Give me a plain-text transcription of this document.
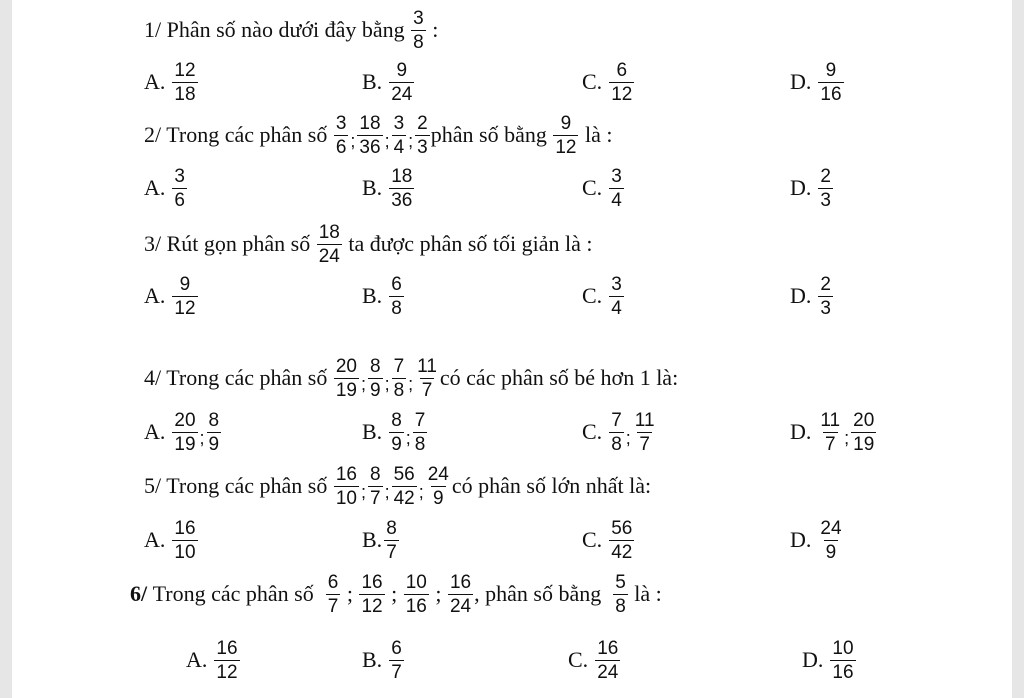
1/ Phân số nào dưới đây bằng
$\frac{3}{8}$
:
A. $\frac{12}{18}$	B. $\frac{9}{24}$	C. $\frac{6}{12}$	D. $\frac{9}{16}$
2/ Trong các phân số
$\frac{3}{6}$ ; $\frac{18}{36}$ ; $\frac{3}{4}$ ; $\frac{2}{3}$ phân số bằng
$\frac{9}{12}$
là :
A. $\frac{3}{6}$	B. $\frac{18}{36}$	C. $\frac{3}{4}$	D. $\frac{2}{3}$
3/ Rút gọn phân số
$\frac{18}{24}$
ta được phân số tối giản là :
A. $\frac{9}{12}$	B. $\frac{6}{8}$	C. $\frac{3}{4}$	D. $\frac{2}{3}$
4/ Trong các phân số
$\frac{20}{19}$ ; $\frac{8}{9}$ ; $\frac{7}{8}$ ; $\frac{11}{7}$ có các phân số bé hơn 1 là:
A. $\frac{20}{19}$ ; $\frac{8}{9}$	B. $\frac{8}{9}$ ; $\frac{7}{8}$	C. $\frac{7}{8}$ ; $\frac{11}{7}$	D. $\frac{11}{7}$ ; $\frac{20}{19}$
5/ Trong các phân số
$\frac{16}{10}$ ; $\frac{8}{7}$ ; $\frac{56}{42}$ ; $\frac{24}{9}$ có phân số lớn nhất là:
A. $\frac{16}{10}$	B. $\frac{8}{7}$	C. $\frac{56}{42}$	D. $\frac{24}{9}$
6/
Trong các phân số
$\frac{6}{7}$
;
$\frac{16}{12}$
;
$\frac{10}{16}$
;
$\frac{16}{24}$ , phân số bằng
$\frac{5}{8}$
là :
A. $\frac{16}{12}$	B. $\frac{6}{7}$	C. $\frac{16}{24}$	D. $\frac{10}{16}$
